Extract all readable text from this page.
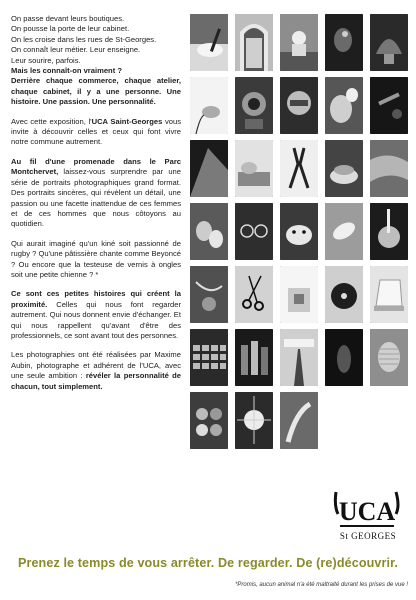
On passe devant leurs boutiques.
On pousse la porte de leur cabinet.
On les croise dans les rues de St-Georges.
On connaît leur métier. Leur enseigne.
Leur sourire, parfois.
Mais les connaît-on vraiment ?
Derrière chaque commerce, chaque atelier, chaque cabinet, il y a une personne. Une histoire. Une passion. Une personnalité.

Avec cette exposition, l'UCA Saint-Georges vous invite à découvrir celles et ceux qui font vivre notre commune autrement.

Au fil d'une promenade dans le Parc Montchervet, laissez-vous surprendre par une série de portraits photographiques grand format. Des portraits sincères, qui révèlent un détail, une passion ou une facette inattendue de ces femmes et de ces hommes que nous côtoyons au quotidien.

Qui aurait imaginé qu'un kiné soit passionné de rugby ? Qu'une pâtissière chante comme Beyoncé ? Ou encore que la testeuse de vernis à ongles soit une petite chienne ? *

Ce sont ces petites histoires qui créent la proximité. Celles qui nous font regarder autrement. Qui nous donnent envie d'échanger. Et qui nous rappellent qu'avant d'être des professionnels, ce sont avant tout des personnes.

Les photographies ont été réalisées par Maxime Aubin, photographe et adhérent de l'UCA, avec une seule ambition : révéler la personnalité de chacun, tout simplement.

UCA
St GEORGES
Prenez le temps de vous arrêter. De regarder. De (re)découvrir.
*Promis, aucun animal n'a été maltraité durant les prises de vue !
